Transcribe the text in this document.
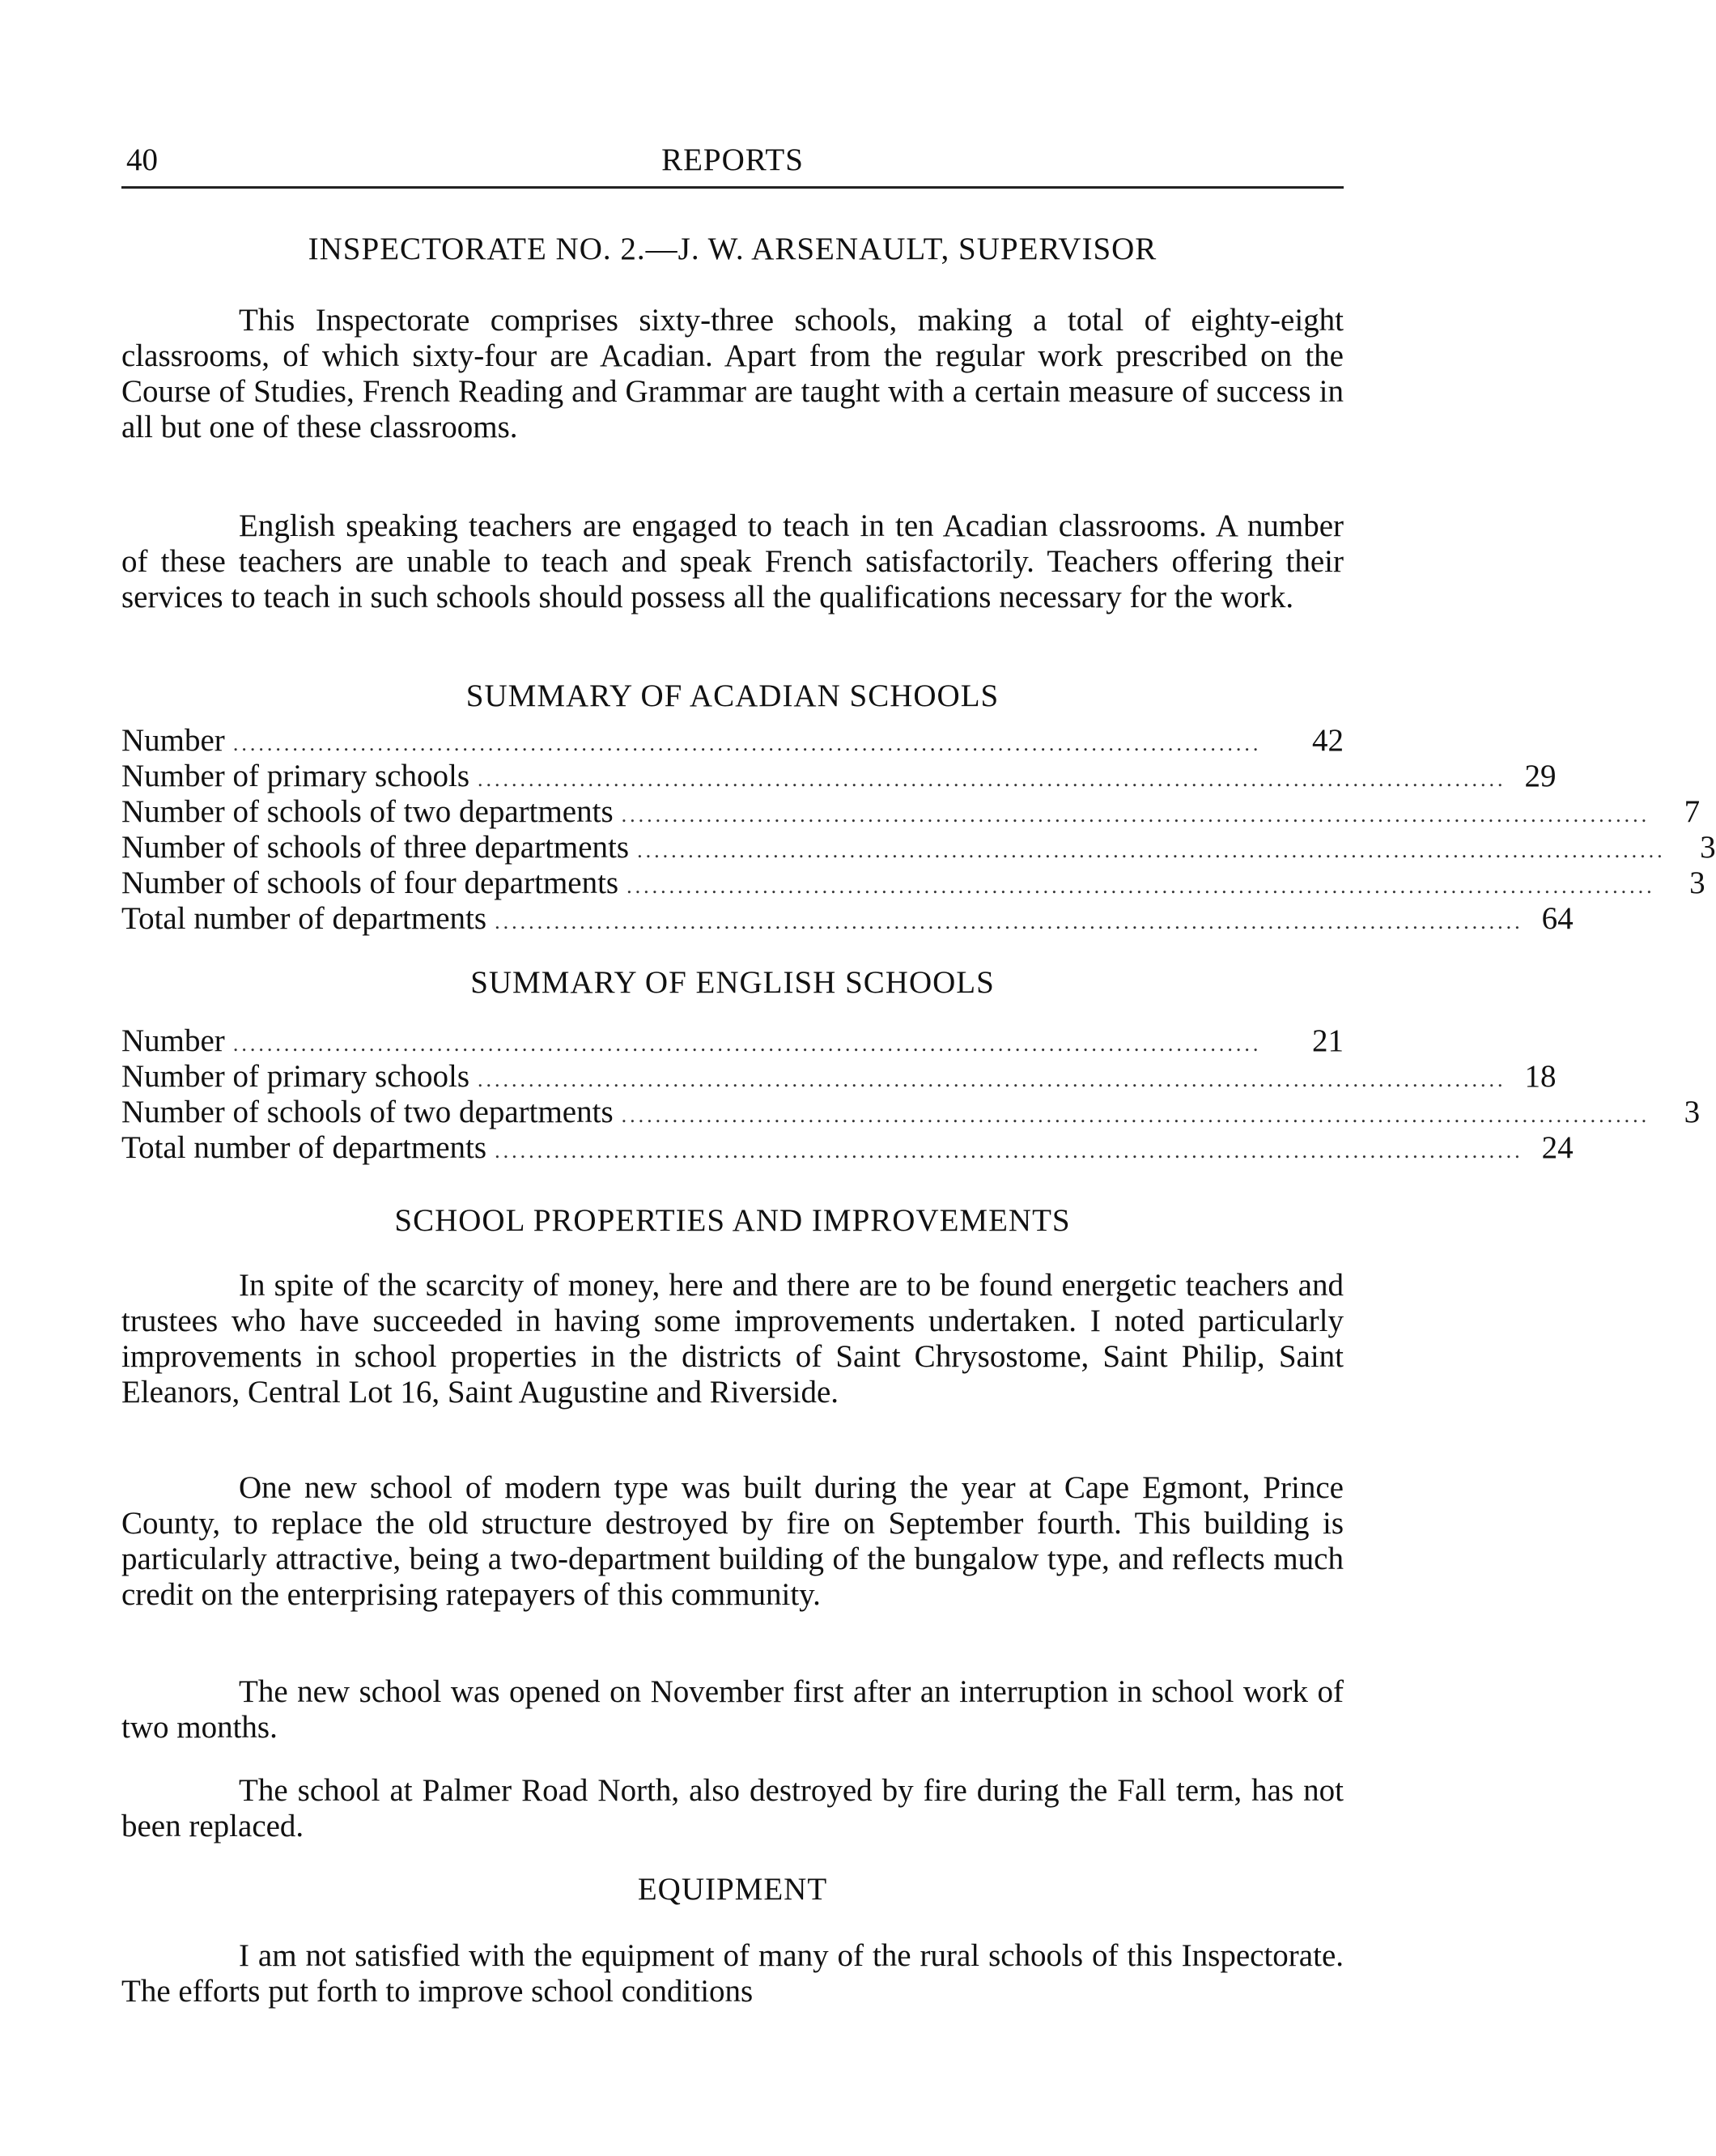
40	REPORTS
INSPECTORATE NO. 2.—J. W. ARSENAULT, SUPERVISOR

This Inspectorate comprises sixty-three schools, making a total of eighty-eight classrooms, of which sixty-four are Acadian. Apart from the regular work prescribed on the Course of Studies, French Reading and Grammar are taught with a certain measure of success in all but one of these classrooms.

English speaking teachers are engaged to teach in ten Acadian classrooms. A number of these teachers are unable to teach and speak French satisfactorily. Teachers offering their services to teach in such schools should possess all the qualifications necessary for the work.

SUMMARY OF ACADIAN SCHOOLS
Number .........................................................................................................................	42
Number of primary schools ......................................................................................................................... 29
Number of schools of two departments .........................................................................................................................	7
Number of schools of three departments .........................................................................................................................	3
Number of schools of four departments .........................................................................................................................	3
Total number of departments ......................................................................................................................... 64
SUMMARY OF ENGLISH SCHOOLS
Number .........................................................................................................................	21
Number of primary schools ......................................................................................................................... 18
Number of schools of two departments .........................................................................................................................	3
Total number of departments ......................................................................................................................... 24
SCHOOL PROPERTIES AND IMPROVEMENTS

In spite of the scarcity of money, here and there are to be found energetic teachers and trustees who have succeeded in having some improvements undertaken. I noted particularly improvements in school properties in the districts of Saint Chrysostome, Saint Philip, Saint Eleanors, Central Lot 16, Saint Augustine and Riverside.

One new school of modern type was built during the year at Cape Egmont, Prince County, to replace the old structure destroyed by fire on September fourth. This building is particularly attractive, being a two-department building of the bungalow type, and reflects much credit on the enterprising ratepayers of this community.

The new school was opened on November first after an interruption in school work of two months.

The school at Palmer Road North, also destroyed by fire during the Fall term, has not been replaced.

EQUIPMENT

I am not satisfied with the equipment of many of the rural schools of this Inspectorate. The efforts put forth to improve school conditions
